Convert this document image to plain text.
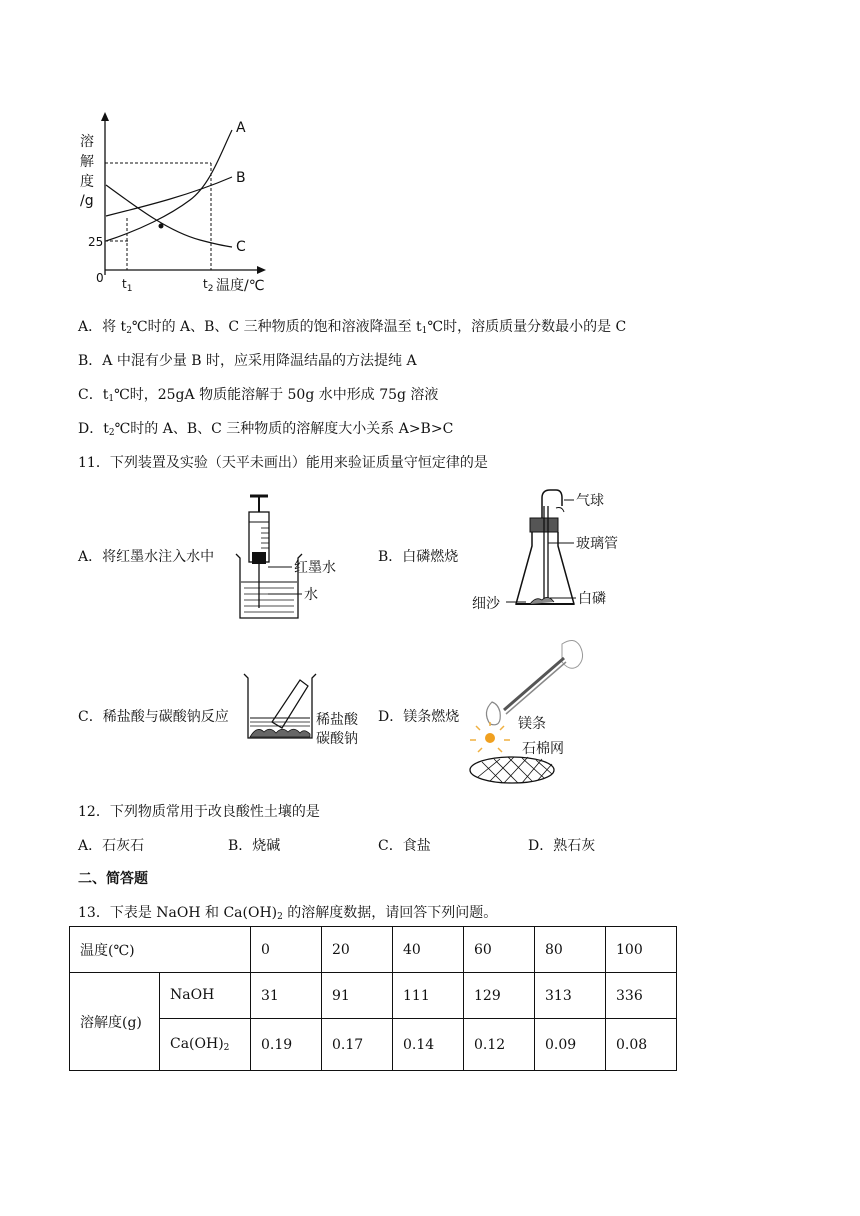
溶
解
度
/g
25
0 $t_1$	$t_2$ 温度/℃
A
B
C
A．将 $t_2℃$时的 A、B、C 三种物质的饱和溶液降温至 $t_1℃$时，溶质质量分数最小的是 C
B．A 中混有少量 B 时，应采用降温结晶的方法提纯 A
C．$t_1℃$时，25gA 物质能溶解于 50g 水中形成 75g 溶液
D．$t_2℃$时的 A、B、C 三种物质的溶解度大小关系 A>B>C
11．下列装置及实验（天平未画出）能用来验证质量守恒定律的是
A．将红墨水注入水中
红墨水
水
B．白磷燃烧
气球
玻璃管
白磷
细沙
C．稀盐酸与碳酸钠反应	稀盐酸
碳酸钠
D．镁条燃烧	镁条
石棉网
12．下列物质常用于改良酸性土壤的是
A．石灰石	B．烧碱	C．食盐	D．熟石灰
二、简答题
13．下表是 NaOH 和 $Ca(OH)_2$ 的溶解度数据，请回答下列问题。
温度(℃)		0	20	40	60	80	100
溶解度(g)	NaOH	31	91	111	129	313	336
	$Ca(OH)_2$	0.19	0.17	0.14	0.12	0.09	0.08
